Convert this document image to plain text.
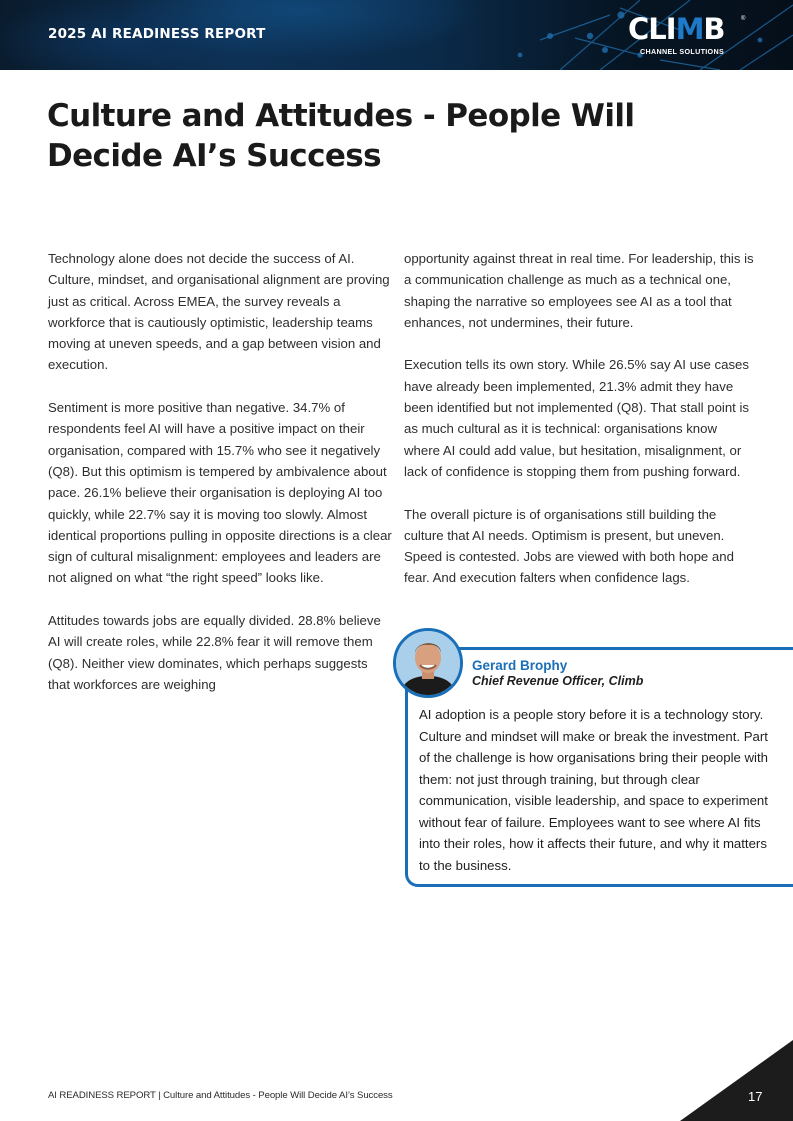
2025 AI READINESS REPORT	CLIMB	®
CHANNEL SOLUTIONS
Culture and Attitudes - People Will
Decide AI’s Success

Technology alone does not decide the success of AI. Culture, mindset, and organisational alignment are proving just as critical. Across EMEA, the survey reveals a workforce that is cautiously optimistic, leadership teams moving at uneven speeds, and a gap between vision and execution.

Sentiment is more positive than negative. 34.7% of respondents feel AI will have a positive impact on their organisation, compared with 15.7% who see it negatively (Q8). But this optimism is tempered by ambivalence about pace. 26.1% believe their organisation is deploying AI too quickly, while 22.7% say it is moving too slowly. Almost identical proportions pulling in opposite directions is a clear sign of cultural misalignment: employees and leaders are not aligned on what “the right speed” looks like.

Attitudes towards jobs are equally divided. 28.8% believe AI will create roles, while 22.8% fear it will remove them (Q8). Neither view dominates, which perhaps suggests that workforces are weighing

opportunity against threat in real time. For leadership, this is a communication challenge as much as a technical one, shaping the narrative so employees see AI as a tool that enhances, not undermines, their future.

Execution tells its own story. While 26.5% say AI use cases have already been implemented, 21.3% admit they have been identified but not implemented (Q8). That stall point is as much cultural as it is technical: organisations know where AI could add value, but hesitation, misalignment, or lack of confidence is stopping them from pushing forward.

The overall picture is of organisations still building the culture that AI needs. Optimism is present, but uneven. Speed is contested. Jobs are viewed with both hope and fear. And execution falters when confidence lags.

Gerard Brophy
Chief Revenue Officer, Climb
AI adoption is a people story before it is a technology story. Culture and mindset will make or break the investment. Part of the challenge is how organisations bring their people with them: not just through training, but through clear communication, visible leadership, and space to experiment without fear of failure. Employees want to see where AI fits into their roles, how it affects their future, and why it matters to the business.
AI READINESS REPORT | Culture and Attitudes - People Will Decide AI’s Success	17
